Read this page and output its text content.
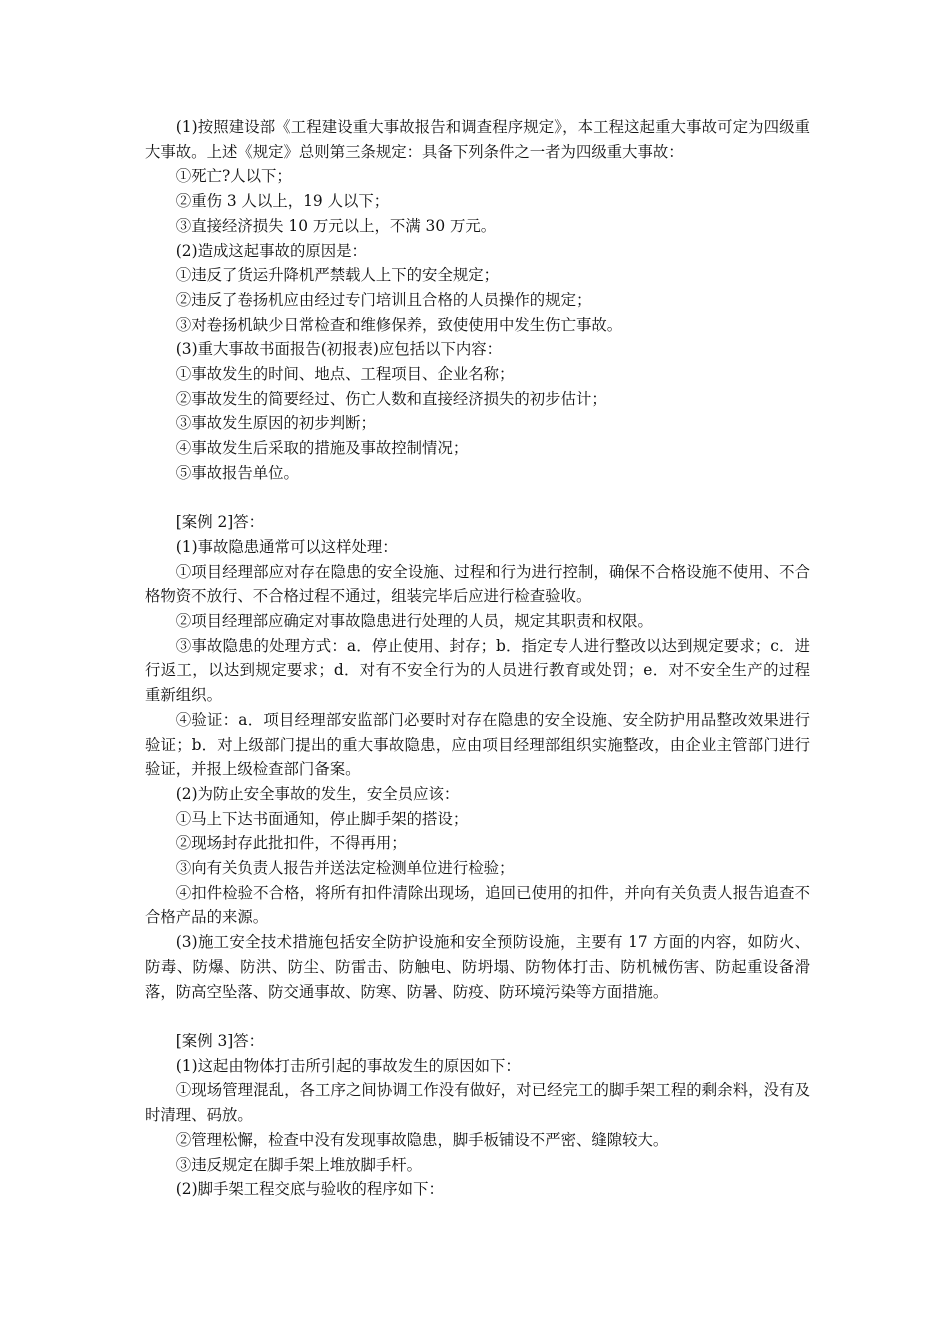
(1)按照建设部《工程建设重大事故报告和调查程序规定》，本工程这起重大事故可定为四级重大事故。上述《规定》总则第三条规定：具备下列条件之一者为四级重大事故：

①死亡?人以下；

②重伤 3 人以上，19 人以下；

③直接经济损失 10 万元以上，不满 30 万元。

(2)造成这起事故的原因是：

①违反了货运升降机严禁载人上下的安全规定；

②违反了卷扬机应由经过专门培训且合格的人员操作的规定；

③对卷扬机缺少日常检查和维修保养，致使使用中发生伤亡事故。

(3)重大事故书面报告(初报表)应包括以下内容：

①事故发生的时间、地点、工程项目、企业名称；

②事故发生的简要经过、伤亡人数和直接经济损失的初步估计；

③事故发生原因的初步判断；

④事故发生后采取的措施及事故控制情况；

⑤事故报告单位。

[案例 2]答：

(1)事故隐患通常可以这样处理：

①项目经理部应对存在隐患的安全设施、过程和行为进行控制，确保不合格设施不使用、不合格物资不放行、不合格过程不通过，组装完毕后应进行检查验收。

②项目经理部应确定对事故隐患进行处理的人员，规定其职责和权限。

③事故隐患的处理方式：a．停止使用、封存；b．指定专人进行整改以达到规定要求；c．进行返工，以达到规定要求；d．对有不安全行为的人员进行教育或处罚；e．对不安全生产的过程重新组织。

④验证：a．项目经理部安监部门必要时对存在隐患的安全设施、安全防护用品整改效果进行验证；b．对上级部门提出的重大事故隐患，应由项目经理部组织实施整改，由企业主管部门进行验证，并报上级检查部门备案。

(2)为防止安全事故的发生，安全员应该：

①马上下达书面通知，停止脚手架的搭设；

②现场封存此批扣件，不得再用；

③向有关负责人报告并送法定检测单位进行检验；

④扣件检验不合格，将所有扣件清除出现场，追回已使用的扣件，并向有关负责人报告追查不合格产品的来源。

(3)施工安全技术措施包括安全防护设施和安全预防设施，主要有 17 方面的内容，如防火、防毒、防爆、防洪、防尘、防雷击、防触电、防坍塌、防物体打击、防机械伤害、防起重设备滑落，防高空坠落、防交通事故、防寒、防暑、防疫、防环境污染等方面措施。

[案例 3]答：

(1)这起由物体打击所引起的事故发生的原因如下：

①现场管理混乱，各工序之间协调工作没有做好，对已经完工的脚手架工程的剩余料，没有及时清理、码放。

②管理松懈，检查中没有发现事故隐患，脚手板铺设不严密、缝隙较大。

③违反规定在脚手架上堆放脚手杆。

(2)脚手架工程交底与验收的程序如下：
